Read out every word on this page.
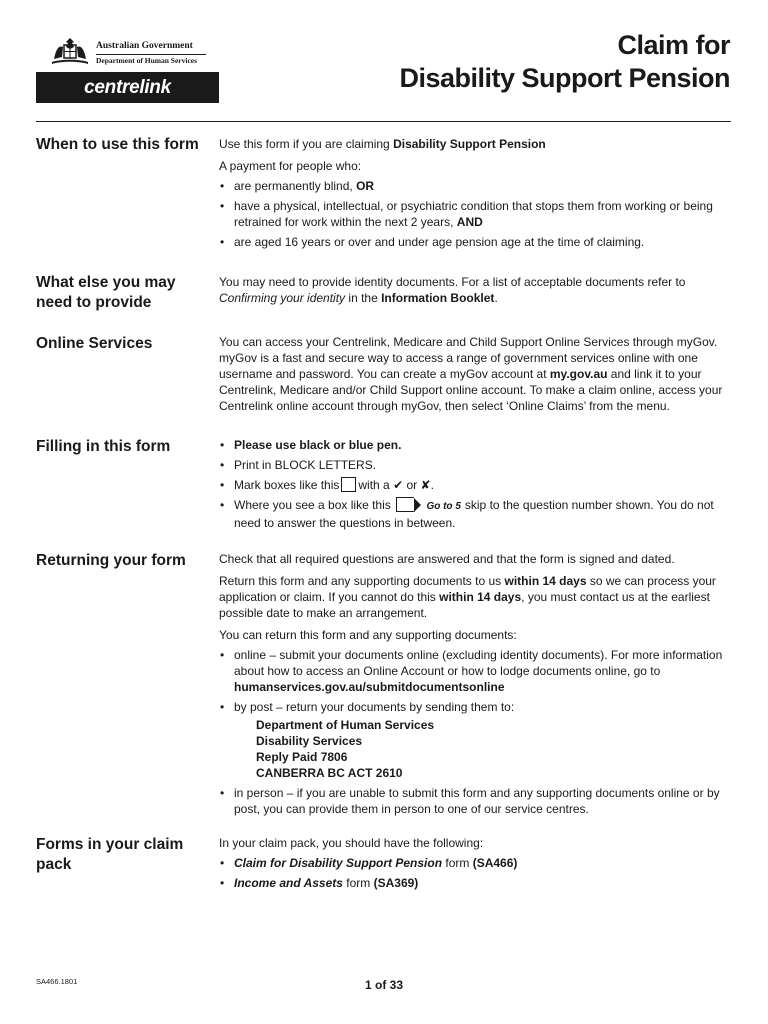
Australian Government
Department of Human Services
centrelink
Claim for
Disability Support Pension
When to use this form	Use this form if you are claiming Disability Support Pension

A payment for people who:

• are permanently blind, OR
• have a physical, intellectual, or psychiatric condition that stops them from working or being retrained for work within the next 2 years, AND
• are aged 16 years or over and under age pension age at the time of claiming.
What else you may need to provide

You may need to provide identity documents. For a list of acceptable documents refer to Confirming your identity in the Information Booklet.

Online Services	You can access your Centrelink, Medicare and Child Support Online Services through myGov. myGov is a fast and secure way to access a range of government services online with one username and password. You can create a myGov account at my.gov.au and link it to your Centrelink, Medicare and/or Child Support online account. To make a claim online, access your Centrelink online account through myGov, then select ‘Online Claims’ from the menu.

Filling in this form
•	Please use black or blue pen.
• Print in BLOCK LETTERS.
• Mark boxes like this with a ✔ or ✘.
• Where you see a box like this	Go to 5 skip to the question number shown. You do not need to answer the questions in between.
Returning your form	Check that all required questions are answered and that the form is signed and dated.

Return this form and any supporting documents to us within 14 days so we can process your application or claim. If you cannot do this within 14 days, you must contact us at the earliest possible date to make an arrangement.

You can return this form and any supporting documents:

• online – submit your documents online (excluding identity documents). For more information about how to access an Online Account or how to lodge documents online, go to humanservices.gov.au/submitdocumentsonline
• by post – return your documents by sending them to:
Department of Human Services
Disability Services
Reply Paid 7806
CANBERRA BC ACT 2610
• in person – if you are unable to submit this form and any supporting documents online or by post, you can provide them in person to one of our service centres.
Forms in your claim pack

In your claim pack, you should have the following:

• Claim for Disability Support Pension form (SA466)
• Income and Assets form (SA369)
SA466.1801	1 of 33
